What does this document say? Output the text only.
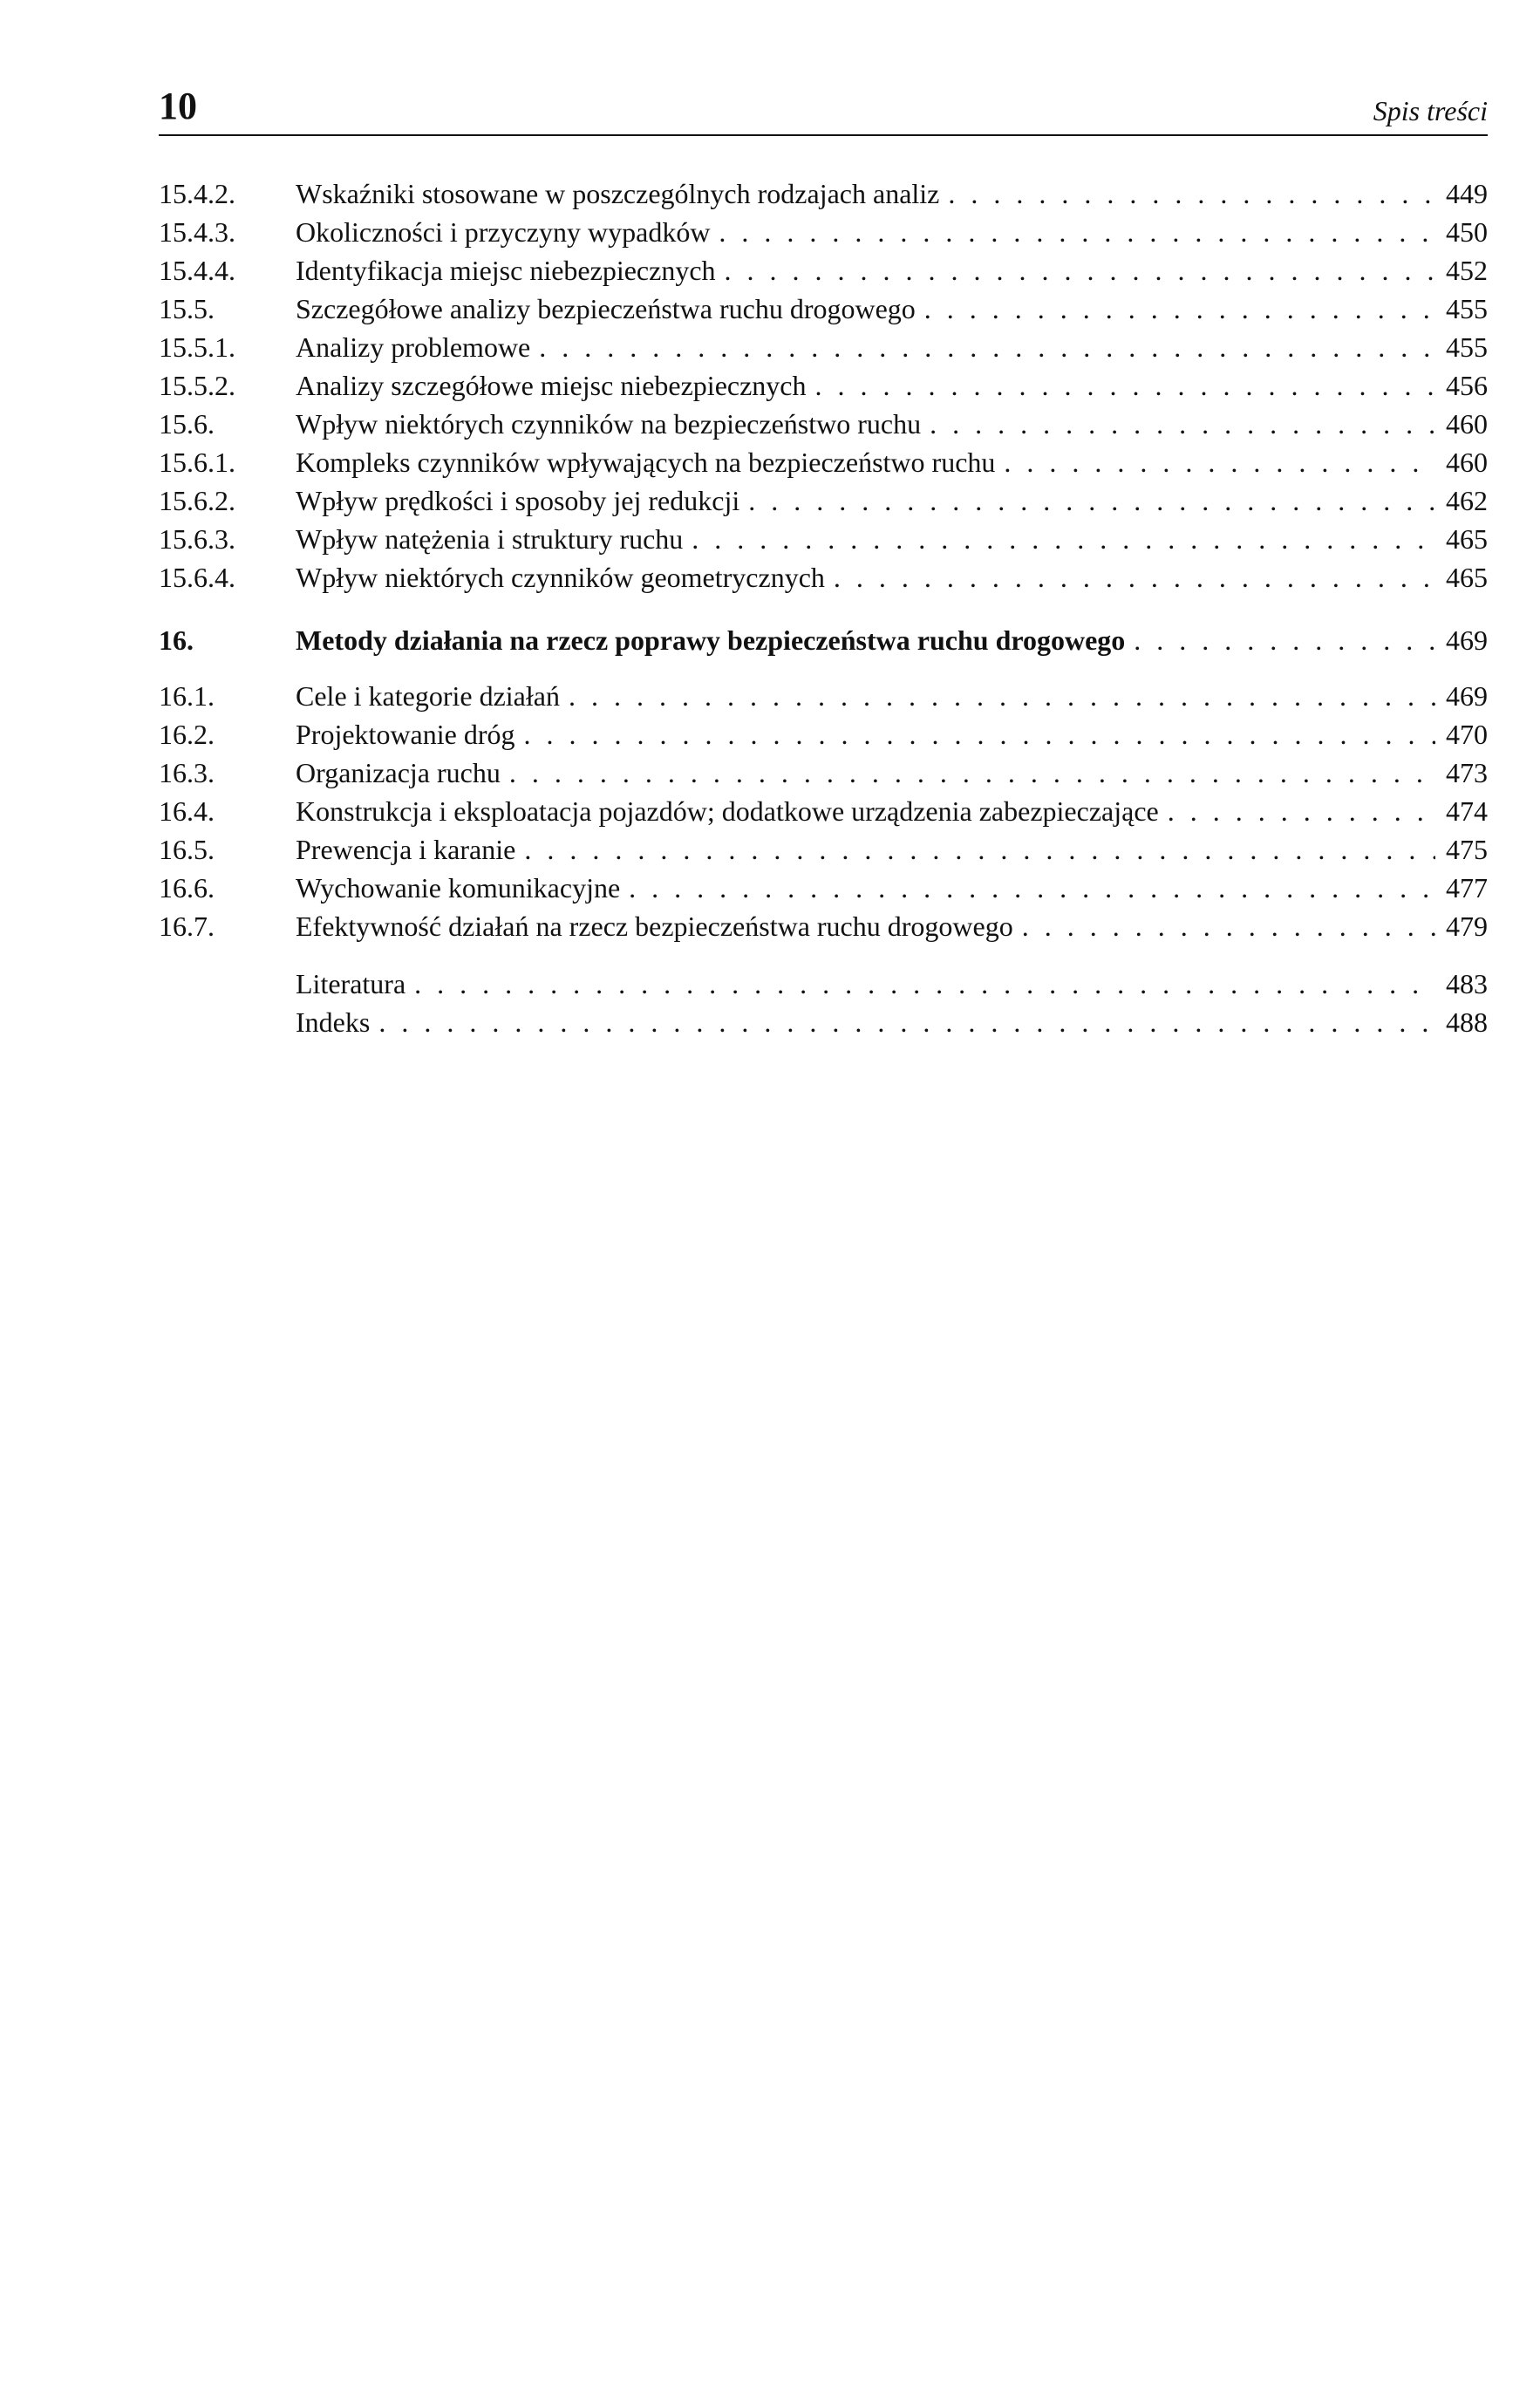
10	Spis treści
15.4.2. Wskaźniki stosowane w poszczególnych rodzajach analiz . . .	449
15.4.3. Okoliczności i przyczyny wypadków . . .	450
15.4.4. Identyfikacja miejsc niebezpiecznych . . .	452
15.5.	Szczegółowe analizy bezpieczeństwa ruchu drogowego . . .	455
15.5.1. Analizy problemowe . . .	455
15.5.2. Analizy szczegółowe miejsc niebezpiecznych . . .	456
15.6.	Wpływ niektórych czynników na bezpieczeństwo ruchu . . .	460
15.6.1. Kompleks czynników wpływających na bezpieczeństwo ruchu . . .	460
15.6.2. Wpływ prędkości i sposoby jej redukcji . . .	462
15.6.3. Wpływ natężenia i struktury ruchu . . .	465
15.6.4. Wpływ niektórych czynników geometrycznych . . .	465
16.	Metody działania na rzecz poprawy bezpieczeństwa ruchu drogowego . . .	469
16.1.	Cele i kategorie działań . . .	469
16.2.	Projektowanie dróg . . .	470
16.3.	Organizacja ruchu . . .	473
16.4.	Konstrukcja i eksploatacja pojazdów; dodatkowe urządzenia zabezpieczające . . .	474
16.5.	Prewencja i karanie . . .	475
16.6.	Wychowanie komunikacyjne . . .	477
16.7.	Efektywność działań na rzecz bezpieczeństwa ruchu drogowego . . .	479
Literatura . . .	483
Indeks . . .	488
